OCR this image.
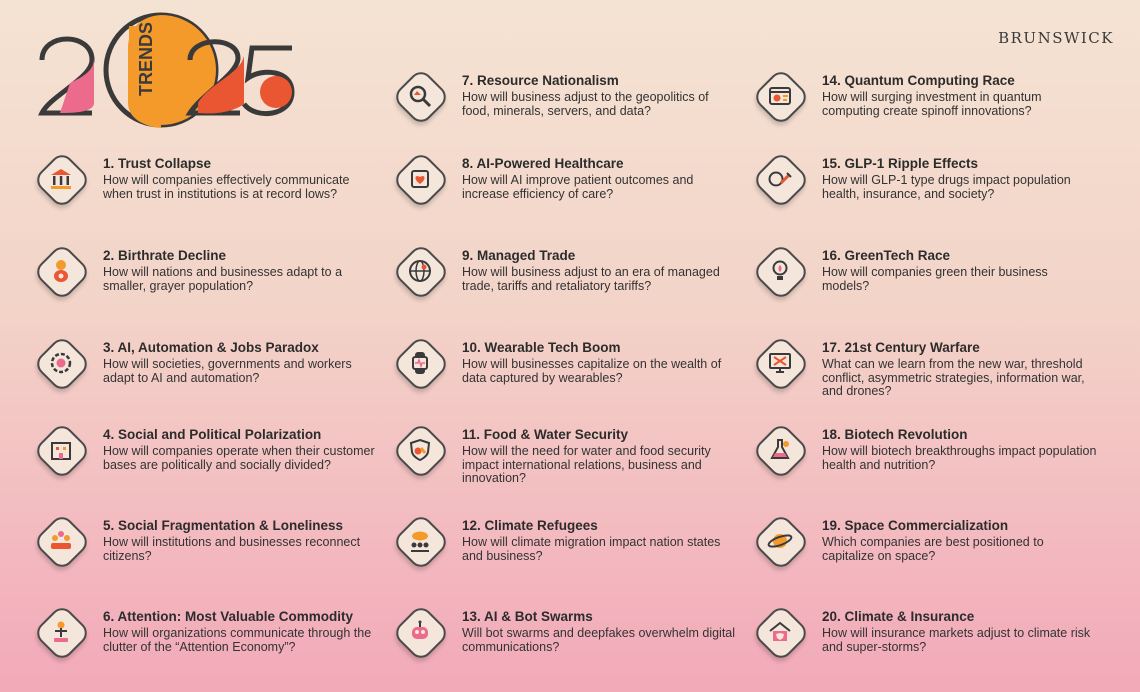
BRUNSWICK
TRENDS
1. Trust Collapse
How will companies effectively communicate when trust in institutions is at record lows?
2. Birthrate Decline
How will nations and businesses adapt to a smaller, grayer population?
3. AI, Automation & Jobs Paradox
How will societies, governments and workers adapt to AI and automation?
4. Social and Political Polarization
How will companies operate when their customer bases are politically and socially divided?
5. Social Fragmentation & Loneliness
How will institutions and businesses reconnect citizens?
6. Attention: Most Valuable Commodity
How will organizations communicate through the clutter of the “Attention Economy”?
7. Resource Nationalism
How will business adjust to the geopolitics of food, minerals, servers, and data?
8. AI-Powered Healthcare
How will AI improve patient outcomes and increase efficiency of care?
9. Managed Trade
How will business adjust to an era of managed trade, tariffs and retaliatory tariffs?
10. Wearable Tech Boom
How will businesses capitalize on the wealth of data captured by wearables?
11. Food & Water Security
How will the need for water and food security impact international relations, business and innovation?
12. Climate Refugees
How will climate migration impact nation states and business?
13. AI & Bot Swarms
Will bot swarms and deepfakes overwhelm digital communications?
14. Quantum Computing Race
How will surging investment in quantum computing create spinoff innovations?
15. GLP-1 Ripple Effects
How will GLP-1 type drugs impact population health, insurance, and society?
16. GreenTech Race
How will companies green their business models?
17. 21st Century Warfare
What can we learn from the new war, threshold conflict, asymmetric strategies, information war, and drones?
18. Biotech Revolution
How will biotech breakthroughs impact population health and nutrition?
19. Space Commercialization
Which companies are best positioned to capitalize on space?
20. Climate & Insurance
How will insurance markets adjust to climate risk and super-storms?
